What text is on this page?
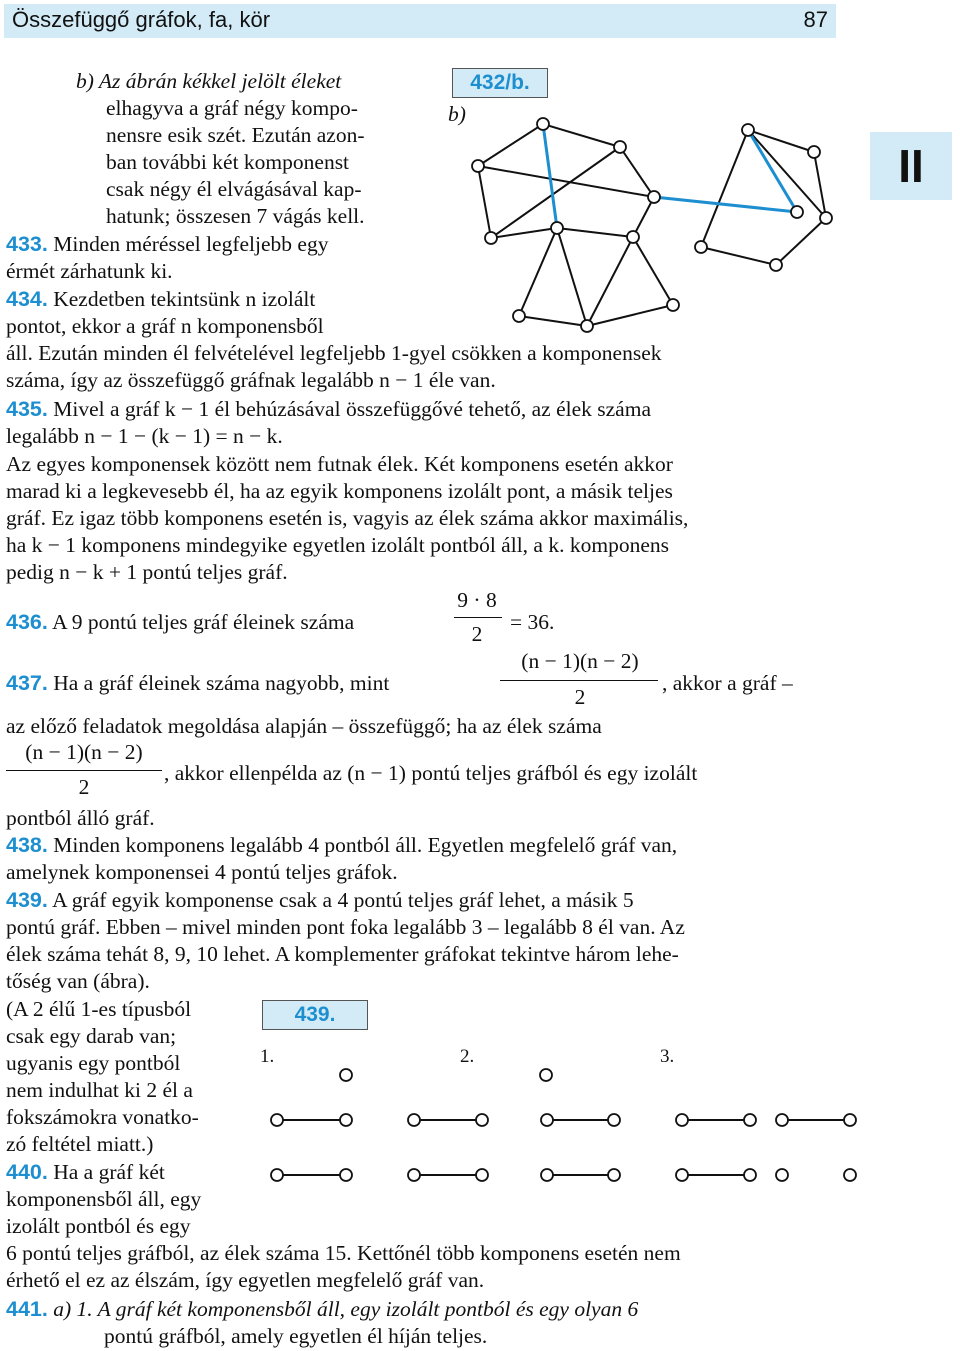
Összefüggő gráfok, fa, kör	87
II
b) Az ábrán kékkel jelölt éleket
elhagyva a gráf négy kompo-
nensre esik szét. Ezután azon-
ban további két komponenst
csak négy él elvágásával kap-
hatunk; összesen 7 vágás kell.
433. Minden méréssel legfeljebb egy
érmét zárhatunk ki.
434. Kezdetben tekintsünk n izolált
pontot, ekkor a gráf n komponensből
áll. Ezután minden él felvételével legfeljebb 1-gyel csökken a komponensek
száma, így az összefüggő gráfnak legalább n − 1 éle van.
435. Mivel a gráf k − 1 él behúzásával összefüggővé tehető, az élek száma
legalább n − 1 − (k − 1) = n − k.
Az egyes komponensek között nem futnak élek. Két komponens esetén akkor
marad ki a legkevesebb él, ha az egyik komponens izolált pont, a másik teljes
gráf. Ez igaz több komponens esetén is, vagyis az élek száma akkor maximális,
ha k − 1 komponens mindegyike egyetlen izolált pontból áll, a k. komponens
pedig n − k + 1 pontú teljes gráf.
436. A 9 pontú teljes gráf éleinek száma
9 · 8
2	= 36.
437. Ha a gráf éleinek száma nagyobb, mint
(n − 1)(n − 2)
2
, akkor a gráf –
az előző feladatok megoldása alapján – összefüggő; ha az élek száma
(n − 1)(n − 2)
2
, akkor ellenpélda az (n − 1) pontú teljes gráfból és egy izolált
pontból álló gráf.
438. Minden komponens legalább 4 pontból áll. Egyetlen megfelelő gráf van,
amelynek komponensei 4 pontú teljes gráfok.
439. A gráf egyik komponense csak a 4 pontú teljes gráf lehet, a másik 5
pontú gráf. Ebben – mivel minden pont foka legalább 3 – legalább 8 él van. Az
élek száma tehát 8, 9, 10 lehet. A komplementer gráfokat tekintve három lehe-
tőség van (ábra).
(A 2 élű 1-es típusból
csak egy darab van;
ugyanis egy pontból
nem indulhat ki 2 él a
fokszámokra vonatko-
zó feltétel miatt.)
440. Ha a gráf két
komponensből áll, egy
izolált pontból és egy
6 pontú teljes gráfból, az élek száma 15. Kettőnél több komponens esetén nem
érhető el ez az élszám, így egyetlen megfelelő gráf van.
441. a) 1. A gráf két komponensből áll, egy izolált pontból és egy olyan 6
pontú gráfból, amely egyetlen él híján teljes.
432/b.
b)
439.
1.	2.	3.
